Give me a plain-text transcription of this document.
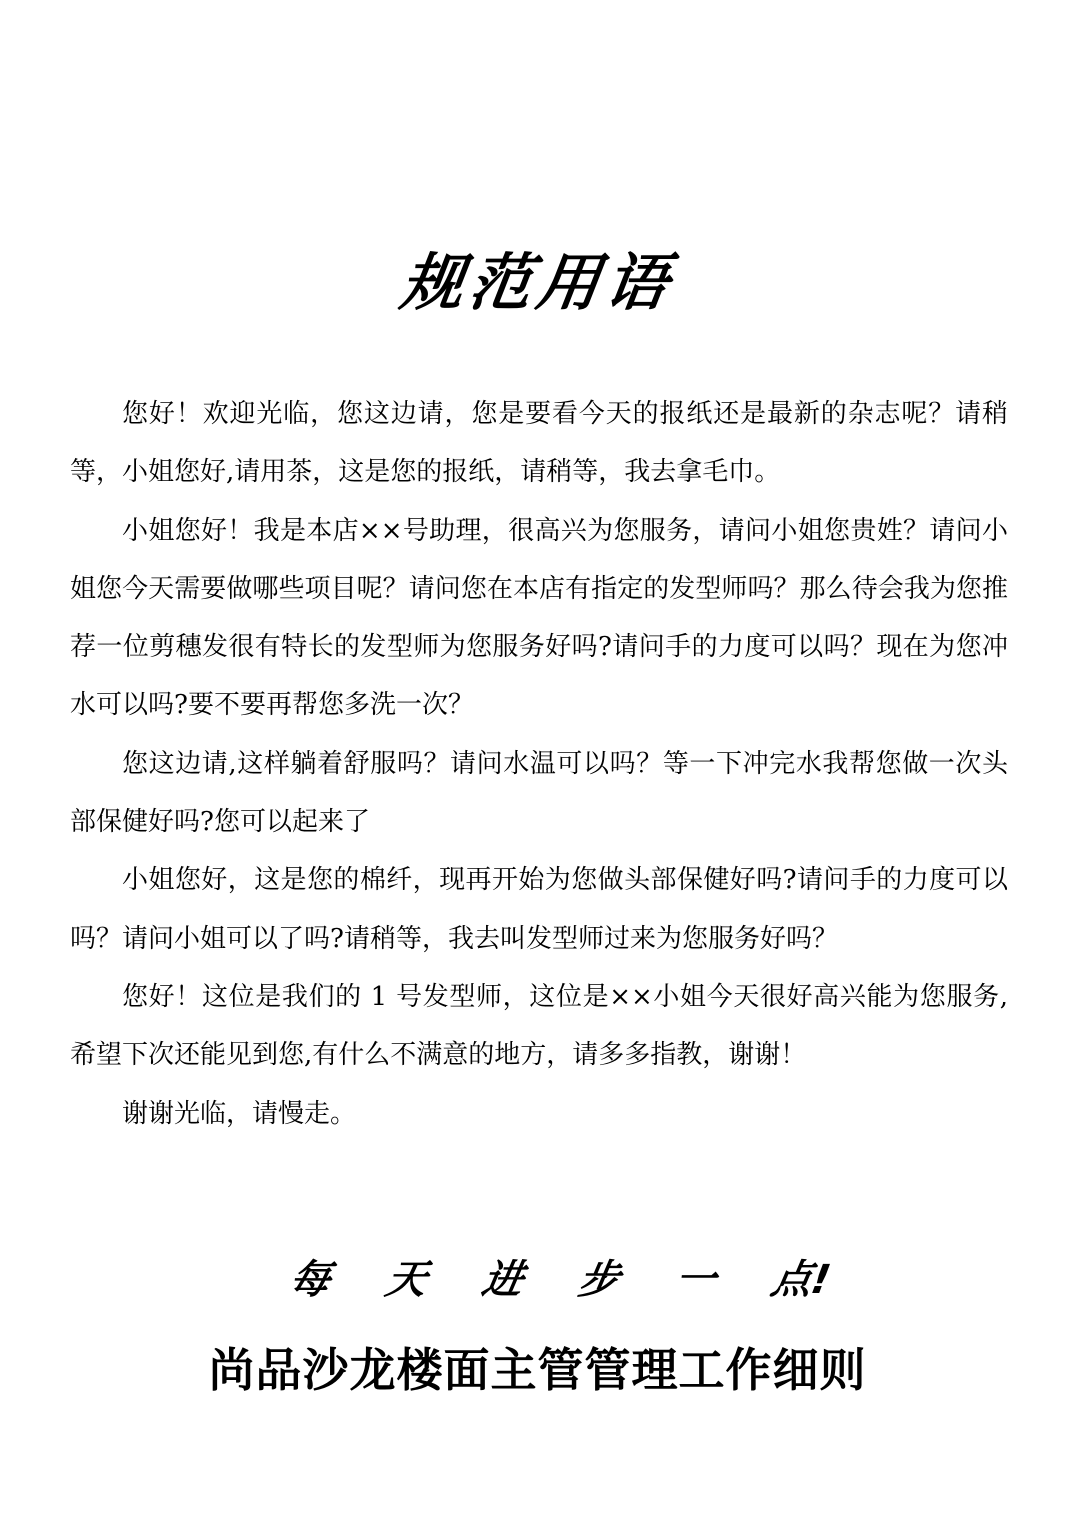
规范用语

您好！欢迎光临，您这边请，您是要看今天的报纸还是最新的杂志呢？请稍等，小姐您好,请用茶，这是您的报纸，请稍等，我去拿毛巾。

小姐您好！我是本店××号助理，很高兴为您服务，请问小姐您贵姓？请问小姐您今天需要做哪些项目呢？请问您在本店有指定的发型师吗？那么待会我为您推荐一位剪穗发很有特长的发型师为您服务好吗?请问手的力度可以吗？现在为您冲水可以吗?要不要再帮您多洗一次？

您这边请,这样躺着舒服吗？请问水温可以吗？等一下冲完水我帮您做一次头部保健好吗?您可以起来了

小姐您好，这是您的棉纤，现再开始为您做头部保健好吗?请问手的力度可以吗？请问小姐可以了吗?请稍等，我去叫发型师过来为您服务好吗？

您好！这位是我们的 1 号发型师，这位是××小姐今天很好高兴能为您服务,希望下次还能见到您,有什么不满意的地方，请多多指教，谢谢！

谢谢光临，请慢走。

每 天 进 步 一 点!
尚品沙龙楼面主管管理工作细则
